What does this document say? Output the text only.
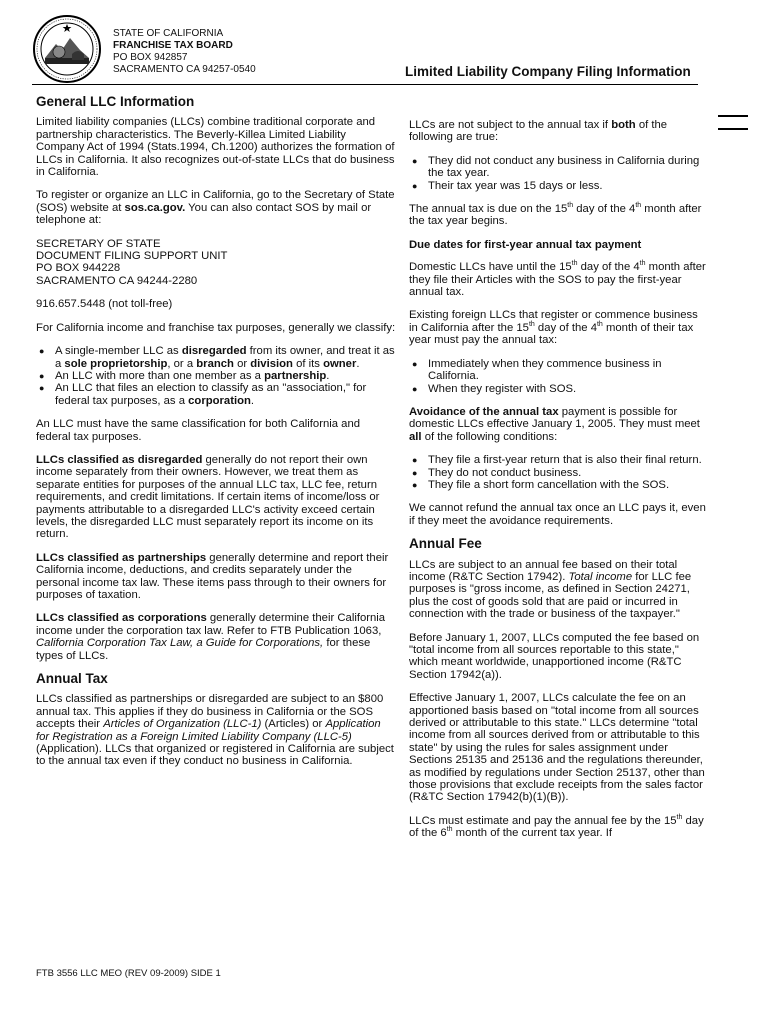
STATE OF CALIFORNIA
FRANCHISE TAX BOARD
PO BOX 942857
SACRAMENTO CA 94257-0540	Limited Liability Company Filing Information
General LLC Information

Limited liability companies (LLCs) combine traditional corporate and partnership characteristics. The Beverly-Killea Limited Liability Company Act of 1994 (Stats.1994, Ch.1200) authorizes the formation of LLCs in California. It also recognizes out-of-state LLCs that do business in California.

To register or organize an LLC in California, go to the Secretary of State (SOS) website at sos.ca.gov. You can also contact SOS by mail or telephone at:

SECRETARY OF STATE
DOCUMENT FILING SUPPORT UNIT
PO BOX 944228
SACRAMENTO CA 94244-2280

916.657.5448 (not toll-free)

For California income and franchise tax purposes, generally we classify:

● A single-member LLC as disregarded from its owner, and treat it as a sole proprietorship, or a branch or division of its owner.
● An LLC with more than one member as a partnership.
● An LLC that files an election to classify as an "association," for federal tax purposes, as a corporation.

An LLC must have the same classification for both California and federal tax purposes.

LLCs classified as disregarded generally do not report their own income separately from their owners. However, we treat them as separate entities for purposes of the annual LLC tax, LLC fee, return requirements, and credit limitations. If certain items of income/loss or payments attributable to a disregarded LLC's activity exceed certain levels, the disregarded LLC must separately report its income on its return.

LLCs classified as partnerships generally determine and report their California income, deductions, and credits separately under the personal income tax law. These items pass through to their owners for purposes of taxation.

LLCs classified as corporations generally determine their California income under the corporation tax law. Refer to FTB Publication 1063, California Corporation Tax Law, a Guide for Corporations, for these types of LLCs.

Annual Tax

LLCs classified as partnerships or disregarded are subject to an $800 annual tax. This applies if they do business in California or the SOS accepts their Articles of Organization (LLC-1) (Articles) or Application for Registration as a Foreign Limited Liability Company (LLC-5) (Application). LLCs that organized or registered in California are subject to the annual tax even if they conduct no business in California.

LLCs are not subject to the annual tax if both of the following are true:

● They did not conduct any business in California during the tax year.
● Their tax year was 15 days or less.

The annual tax is due on the 15th day of the 4th month after the tax year begins.

Due dates for first-year annual tax payment

Domestic LLCs have until the 15th day of the 4th month after they file their Articles with the SOS to pay the first-year annual tax.

Existing foreign LLCs that register or commence business in California after the 15th day of the 4th month of their tax year must pay the annual tax:

● Immediately when they commence business in California.
● When they register with SOS.

Avoidance of the annual tax payment is possible for domestic LLCs effective January 1, 2005. They must meet all of the following conditions:

● They file a first-year return that is also their final return.
● They do not conduct business.
● They file a short form cancellation with the SOS.

We cannot refund the annual tax once an LLC pays it, even if they meet the avoidance requirements.

Annual Fee

LLCs are subject to an annual fee based on their total income (R&TC Section 17942). Total income for LLC fee purposes is "gross income, as defined in Section 24271, plus the cost of goods sold that are paid or incurred in connection with the trade or business of the taxpayer."

Before January 1, 2007, LLCs computed the fee based on "total income from all sources reportable to this state," which meant worldwide, unapportioned income (R&TC Section 17942(a)).

Effective January 1, 2007, LLCs calculate the fee on an apportioned basis based on "total income from all sources derived or attributable to this state." LLCs determine "total income from all sources derived from or attributable to this state" by using the rules for sales assignment under Sections 25135 and 25136 and the regulations thereunder, as modified by regulations under Section 25137, other than those provisions that exclude receipts from the sales factor (R&TC Section 17942(b)(1)(B)).

LLCs must estimate and pay the annual fee by the 15th day of the 6th month of the current tax year. If

FTB 3556 LLC MEO (REV 09-2009) SIDE 1
